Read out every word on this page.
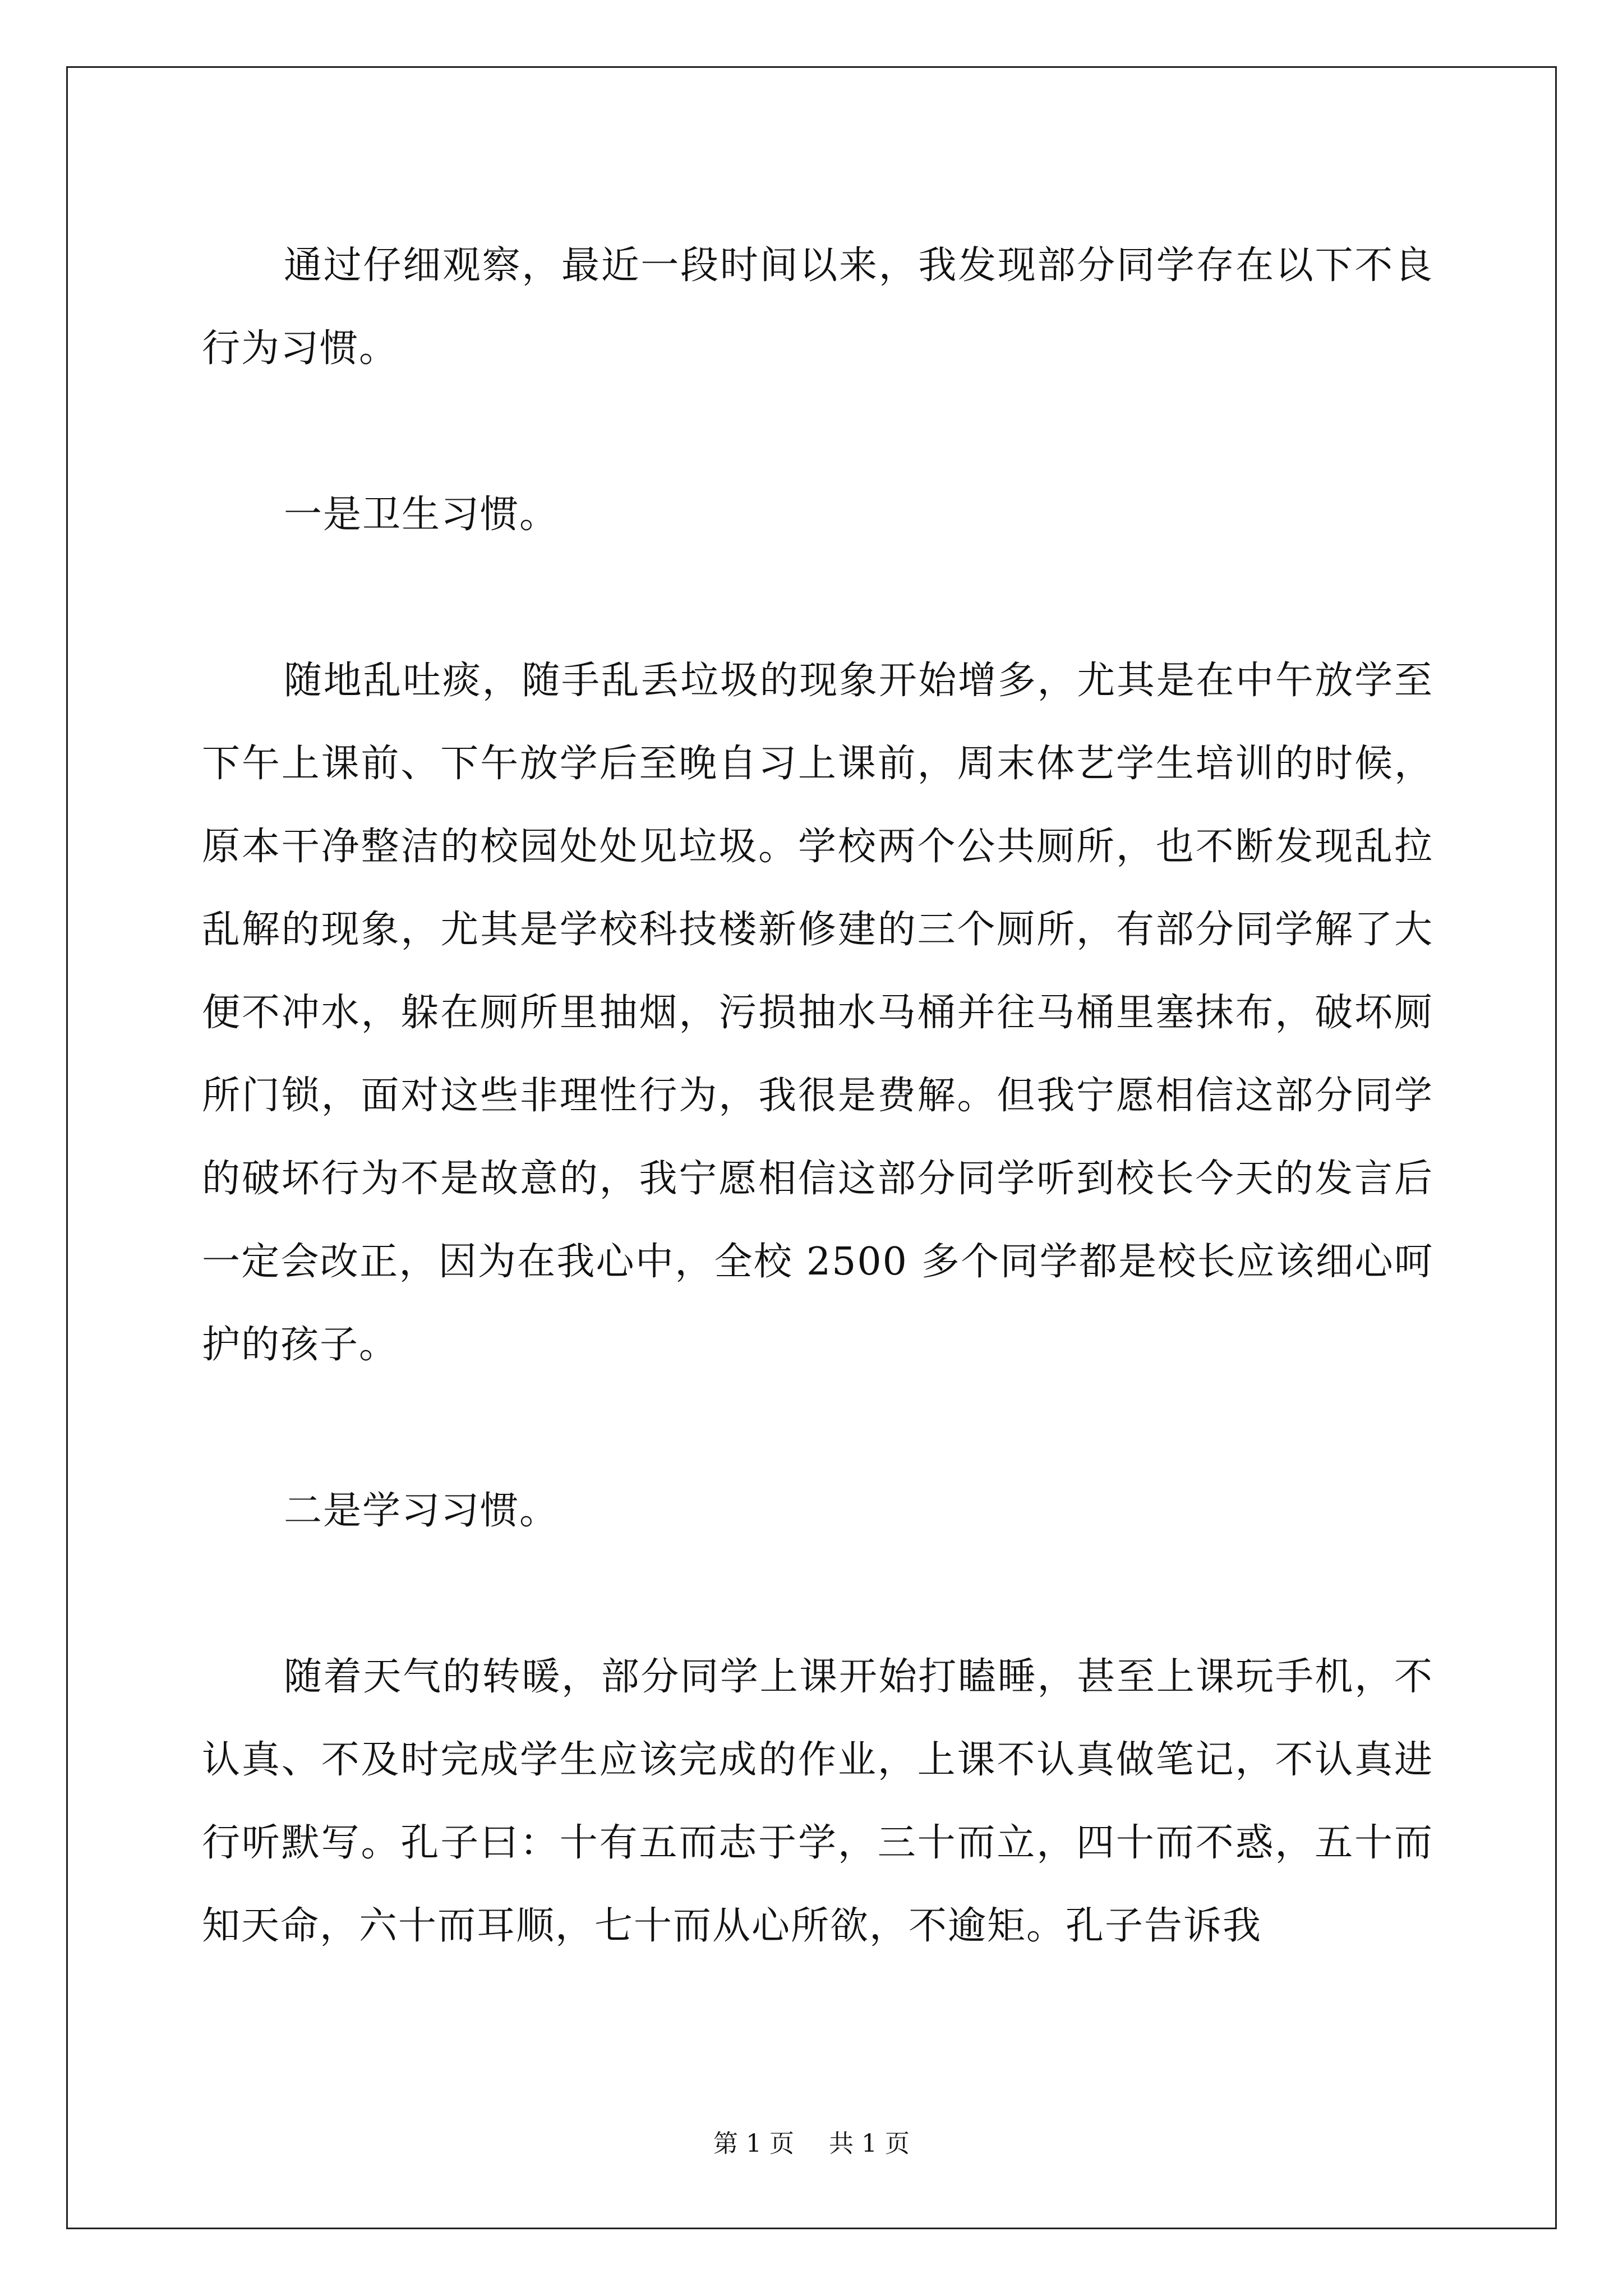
通过仔细观察，最近一段时间以来，我发现部分同学存在以下不良行为习惯。

一是卫生习惯。

随地乱吐痰，随手乱丢垃圾的现象开始增多，尤其是在中午放学至下午上课前、下午放学后至晚自习上课前，周末体艺学生培训的时候，原本干净整洁的校园处处见垃圾。学校两个公共厕所，也不断发现乱拉乱解的现象，尤其是学校科技楼新修建的三个厕所，有部分同学解了大便不冲水，躲在厕所里抽烟，污损抽水马桶并往马桶里塞抹布，破坏厕所门锁，面对这些非理性行为，我很是费解。但我宁愿相信这部分同学的破坏行为不是故意的，我宁愿相信这部分同学听到校长今天的发言后一定会改正，因为在我心中，全校 2500 多个同学都是校长应该细心呵护的孩子。

二是学习习惯。

随着天气的转暖，部分同学上课开始打瞌睡，甚至上课玩手机，不认真、不及时完成学生应该完成的作业，上课不认真做笔记，不认真进行听默写。孔子曰：十有五而志于学，三十而立，四十而不惑，五十而知天命，六十而耳顺，七十而从心所欲，不逾矩。孔子告诉我

第 1 页 共 1 页
